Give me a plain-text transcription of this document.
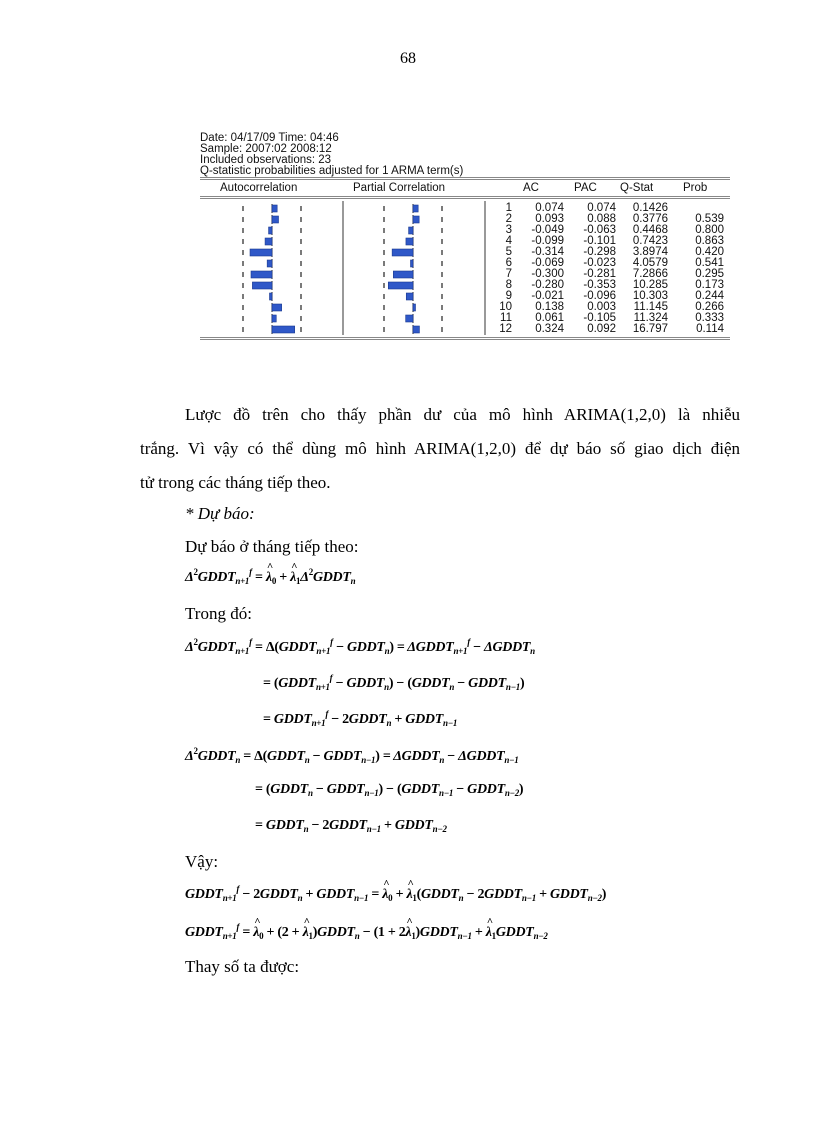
68
Date: 04/17/09 Time: 04:46
Sample: 2007:02 2008:12
Included observations: 23
Q-statistic probabilities adjusted for 1 ARMA term(s)
Autocorrelation	Partial Correlation	AC	PAC Q-Stat	Prob
1	0.074	0.074	0.1426
2	0.093	0.088	0.3776	0.539
3	-0.049	-0.063	0.4468	0.800
4	-0.099	-0.101	0.7423	0.863
5	-0.314	-0.298	3.8974	0.420
6	-0.069	-0.023	4.0579	0.541
7	-0.300	-0.281	7.2866	0.295
8	-0.280	-0.353	10.285	0.173
9	-0.021	-0.096	10.303	0.244
10	0.138	0.003	11.145	0.266
11	0.061	-0.105	11.324	0.333
12	0.324	0.092	16.797	0.114
Lược đồ trên cho thấy phần dư của mô hình ARIMA(1,2,0) là nhiễu
trắng. Vì vậy có thể dùng mô hình ARIMA(1,2,0) để dự báo số giao dịch điện
tử trong các tháng tiếp theo.
* Dự báo:
Dự báo ở tháng tiếp theo:
$\Delta^2GDDT_{n+1}^f$ = ^ $\lambda_0$ + ^ $\lambda_1\Delta^2GDDT_n$
Trong đó:
$\Delta^2GDDT_{n+1}^f$ = $\Delta(GDDT_{n+1}^f$ − $GDDT_n$) = $\Delta GDDT_{n+1}^f$ − $\Delta GDDT_n$
= ($GDDT_{n+1}^f$ − $GDDT_n$) − ($GDDT_n$ − $GDDT_{n-1}$)
= $GDDT_{n+1}^f$ − $2GDDT_n$ + $GDDT_{n-1}$
$\Delta^2GDDT_n$ = $\Delta(GDDT_n$ − $GDDT_{n-1}$) = $\Delta GDDT_n$ − $\Delta GDDT_{n-1}$
= ($GDDT_n$ − $GDDT_{n-1}$) − ($GDDT_{n-1}$ − $GDDT_{n-2}$)
= $GDDT_n$ − $2GDDT_{n-1}$ + $GDDT_{n-2}$
Vậy:
$GDDT_{n+1}^f$ − $2GDDT_n$ + $GDDT_{n-1}$ = ^ $\lambda_0$ + ^ $\lambda_1(GDDT_n$ − $2GDDT_{n-1}$ + $GDDT_{n-2}$)
$GDDT_{n+1}^f$ = ^ $\lambda_0 + (2$ + ^ $\lambda_1)GDDT_n - (1$ + 2^ $\lambda_1)GDDT_{n-1}$ + ^ $\lambda_1GDDT_{n-2}$
Thay số ta được:
